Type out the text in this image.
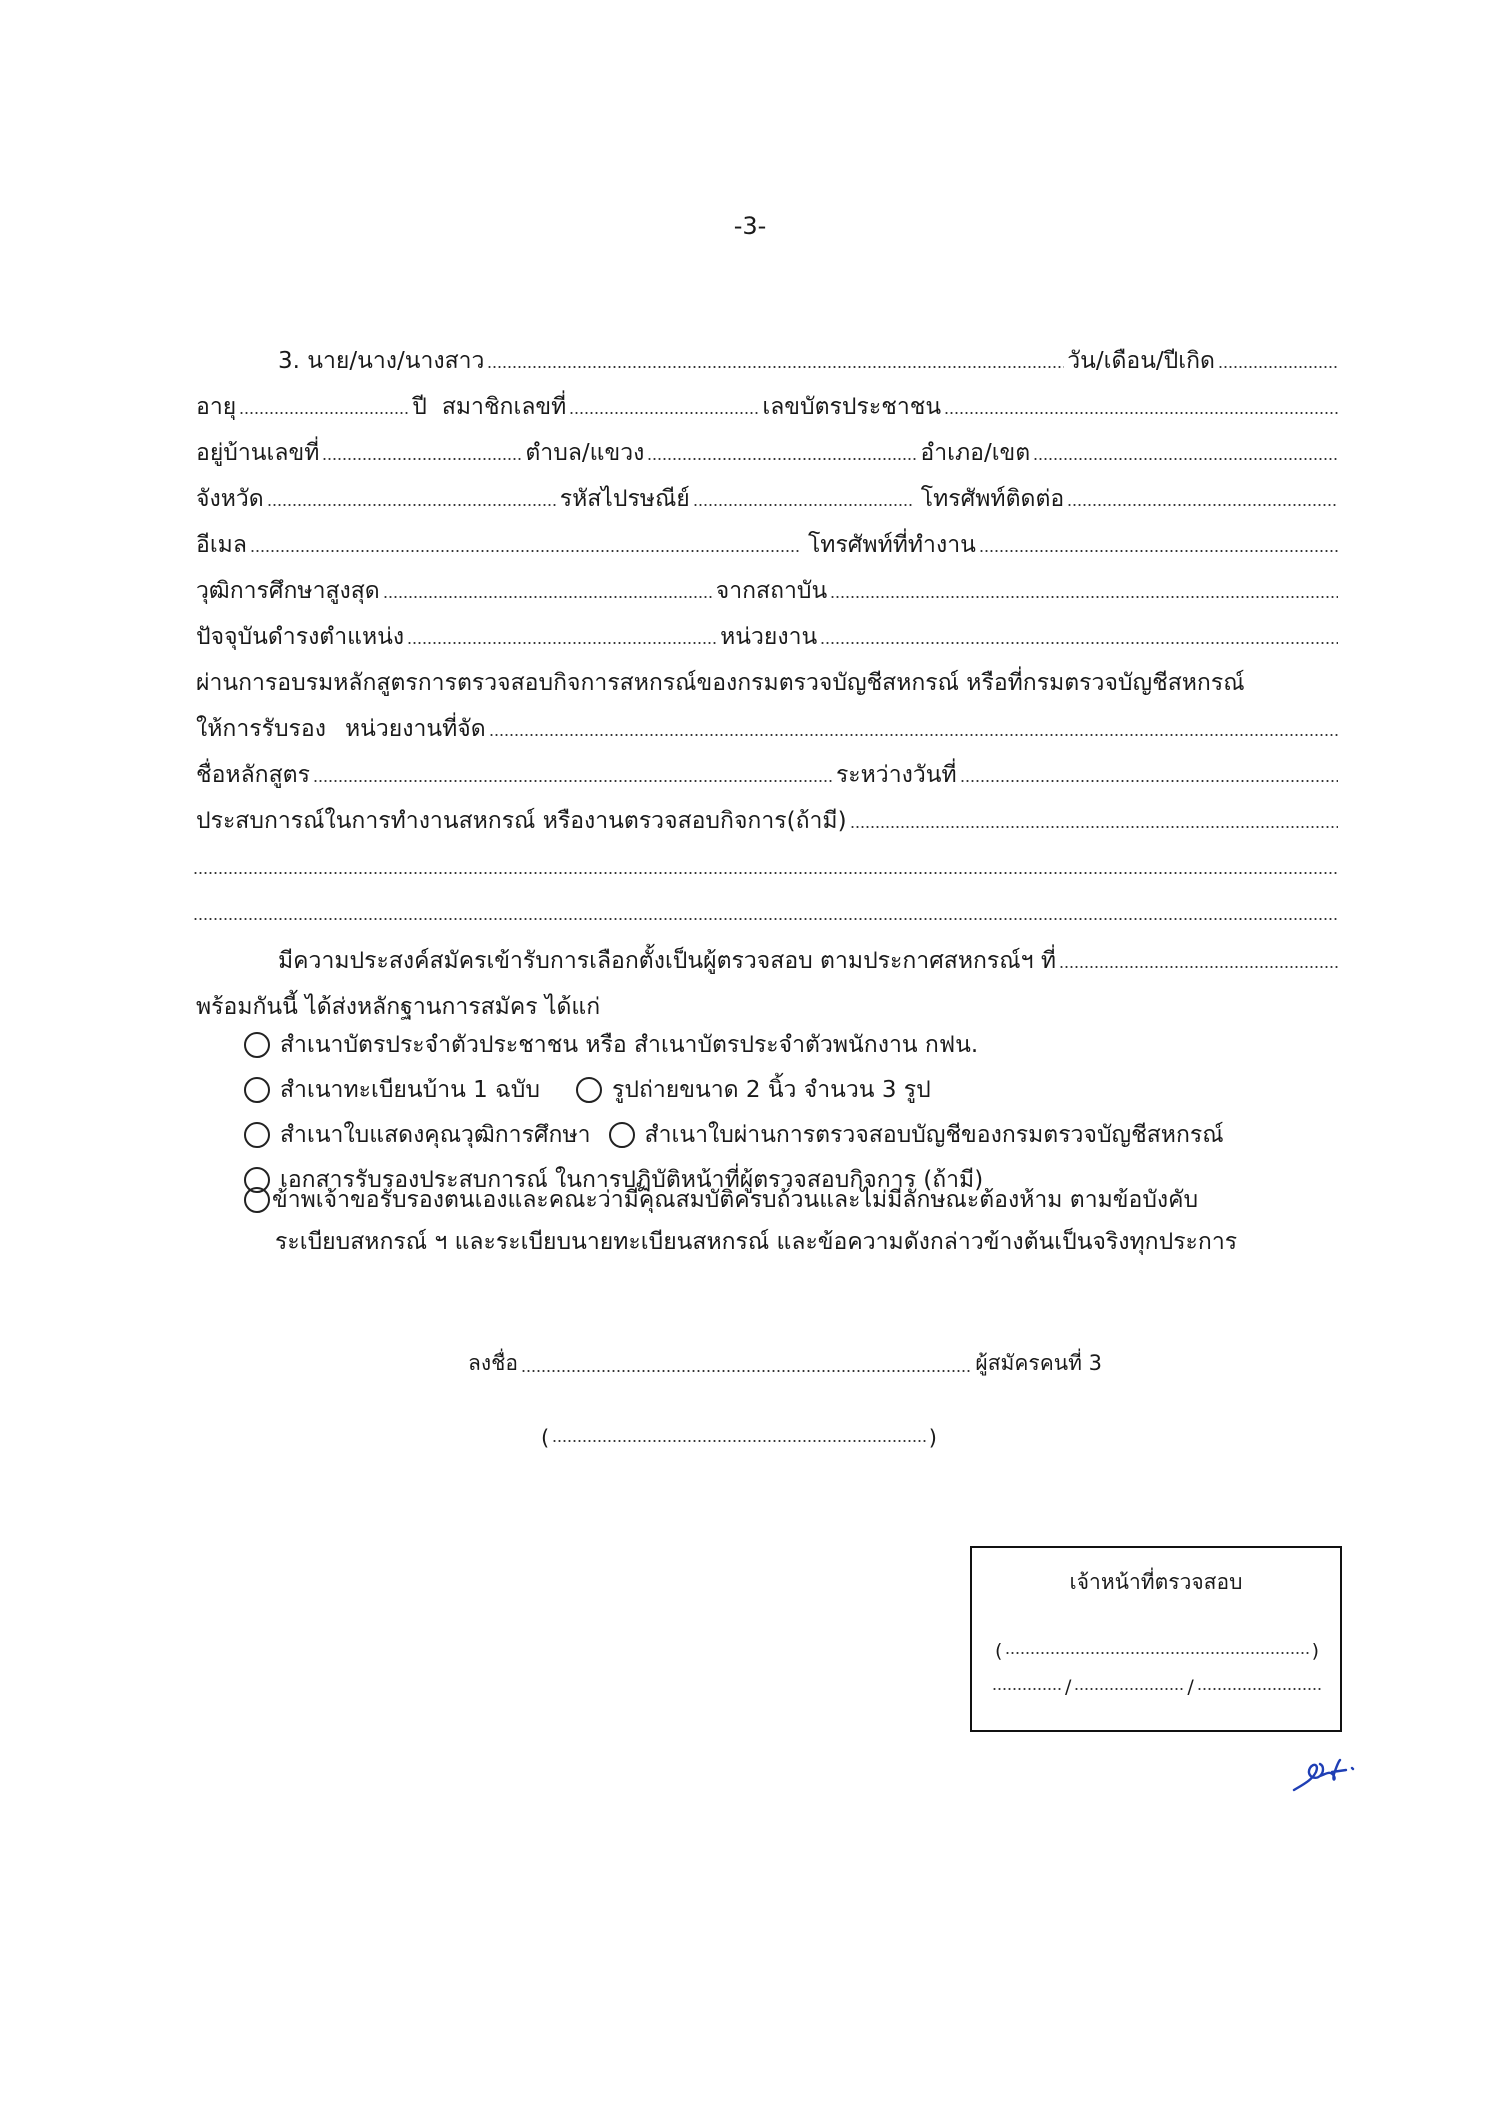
-3-
3. นาย/นาง/นางสาว	วัน/เดือน/ปีเกิด
อายุ	ปี สมาชิกเลขที่	เลขบัตรประชาชน
อยู่บ้านเลขที่	ตำบล/แขวง	อำเภอ/เขต
จังหวัด	รหัสไปรษณีย์	โทรศัพท์ติดต่อ
อีเมล	โทรศัพท์ที่ทำงาน
วุฒิการศึกษาสูงสุด	จากสถาบัน
ปัจจุบันดำรงตำแหน่ง	หน่วยงาน
ผ่านการอบรมหลักสูตรการตรวจสอบกิจการสหกรณ์ของกรมตรวจบัญชีสหกรณ์ หรือที่กรมตรวจบัญชีสหกรณ์
ให้การรับรอง หน่วยงานที่จัด
ชื่อหลักสูตร	ระหว่างวันที่
ประสบการณ์ในการทำงานสหกรณ์ หรืองานตรวจสอบกิจการ(ถ้ามี)
มีความประสงค์สมัครเข้ารับการเลือกตั้งเป็นผู้ตรวจสอบ ตามประกาศสหกรณ์ฯ ที่
พร้อมกันนี้ ได้ส่งหลักฐานการสมัคร ได้แก่
สำเนาบัตรประจำตัวประชาชน หรือ สำเนาบัตรประจำตัวพนักงาน กฟน.
สำเนาทะเบียนบ้าน 1 ฉบับ	รูปถ่ายขนาด 2 นิ้ว จำนวน 3 รูป
สำเนาใบแสดงคุณวุฒิการศึกษา สำเนาใบผ่านการตรวจสอบบัญชีของกรมตรวจบัญชีสหกรณ์
เอกสารรับรองประสบการณ์ ในการปฏิบัติหน้าที่ผู้ตรวจสอบกิจการ (ถ้ามี)
ข้าพเจ้าขอรับรองตนเองและคณะว่ามีคุณสมบัติครบถ้วนและไม่มีลักษณะต้องห้าม ตามข้อบังคับ
ระเบียบสหกรณ์ ฯ และระเบียบนายทะเบียนสหกรณ์ และข้อความดังกล่าวข้างต้นเป็นจริงทุกประการ
ลงชื่อ	ผู้สมัครคนที่ 3
(	)
เจ้าหน้าที่ตรวจสอบ
(	)
/	/
